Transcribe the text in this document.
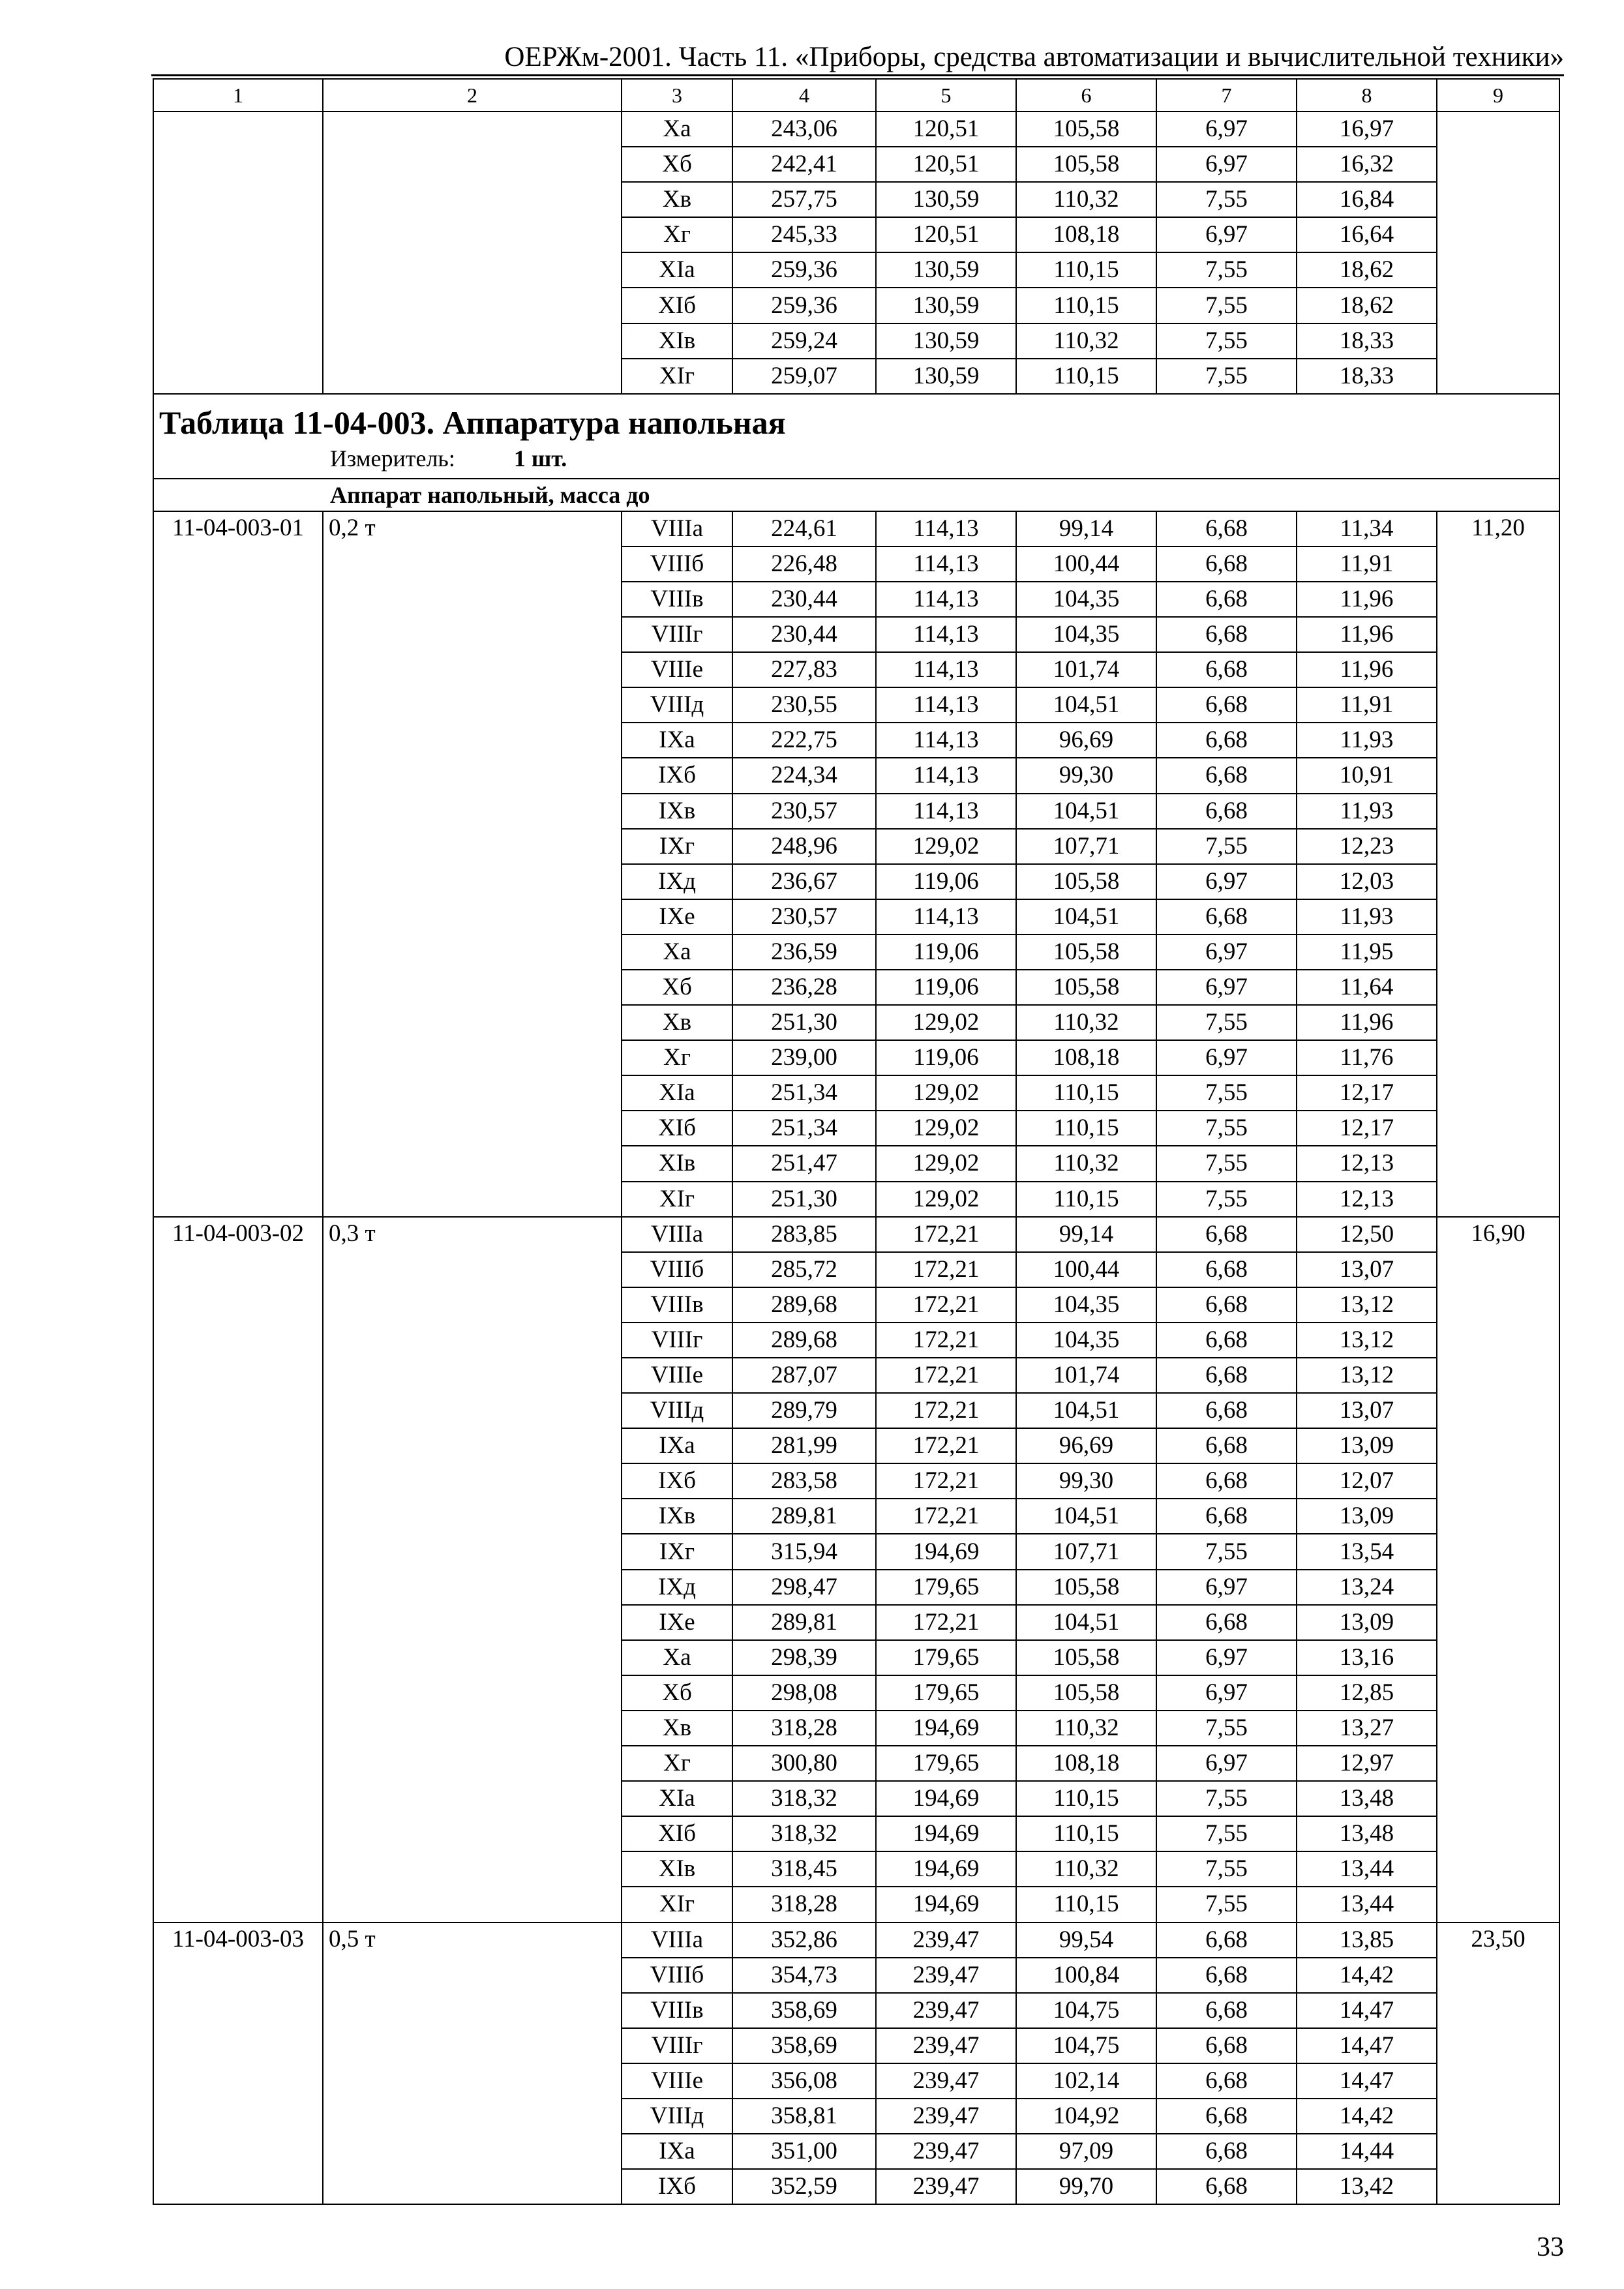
ОЕРЖм-2001. Часть 11. «Приборы, средства автоматизации и вычислительной техники»
1	2	3	4	5	6	7	8	9
		Ха	243,06	120,51	105,58	6,97	16,97	
		Хб	242,41	120,51	105,58	6,97	16,32	
		Хв	257,75	130,59	110,32	7,55	16,84	
		Хг	245,33	120,51	108,18	6,97	16,64	
		ХIа	259,36	130,59	110,15	7,55	18,62	
		ХIб	259,36	130,59	110,15	7,55	18,62	
		ХIв	259,24	130,59	110,32	7,55	18,33	
		ХIг	259,07	130,59	110,15	7,55	18,33	

Таблица 11-04-003. Аппаратура напольная
Измеритель: 1 шт.								

Аппарат напольный, масса до								
11-04-003-01	0,2 т	VIIIа	224,61	114,13	99,14	6,68	11,34	11,20
		VIIIб	226,48	114,13	100,44	6,68	11,91	
		VIIIв	230,44	114,13	104,35	6,68	11,96	
		VIIIг	230,44	114,13	104,35	6,68	11,96	
		VIIIе	227,83	114,13	101,74	6,68	11,96	
		VIIIд	230,55	114,13	104,51	6,68	11,91	
		IХа	222,75	114,13	96,69	6,68	11,93	
		IХб	224,34	114,13	99,30	6,68	10,91	
		IХв	230,57	114,13	104,51	6,68	11,93	
		IХг	248,96	129,02	107,71	7,55	12,23	
		IХд	236,67	119,06	105,58	6,97	12,03	
		IХе	230,57	114,13	104,51	6,68	11,93	
		Ха	236,59	119,06	105,58	6,97	11,95	
		Хб	236,28	119,06	105,58	6,97	11,64	
		Хв	251,30	129,02	110,32	7,55	11,96	
		Хг	239,00	119,06	108,18	6,97	11,76	
		ХIа	251,34	129,02	110,15	7,55	12,17	
		ХIб	251,34	129,02	110,15	7,55	12,17	
		ХIв	251,47	129,02	110,32	7,55	12,13	
		ХIг	251,30	129,02	110,15	7,55	12,13	
11-04-003-02	0,3 т	VIIIа	283,85	172,21	99,14	6,68	12,50	16,90
		VIIIб	285,72	172,21	100,44	6,68	13,07	
		VIIIв	289,68	172,21	104,35	6,68	13,12	
		VIIIг	289,68	172,21	104,35	6,68	13,12	
		VIIIе	287,07	172,21	101,74	6,68	13,12	
		VIIIд	289,79	172,21	104,51	6,68	13,07	
		IХа	281,99	172,21	96,69	6,68	13,09	
		IХб	283,58	172,21	99,30	6,68	12,07	
		IХв	289,81	172,21	104,51	6,68	13,09	
		IХг	315,94	194,69	107,71	7,55	13,54	
		IХд	298,47	179,65	105,58	6,97	13,24	
		IХе	289,81	172,21	104,51	6,68	13,09	
		Ха	298,39	179,65	105,58	6,97	13,16	
		Хб	298,08	179,65	105,58	6,97	12,85	
		Хв	318,28	194,69	110,32	7,55	13,27	
		Хг	300,80	179,65	108,18	6,97	12,97	
		ХIа	318,32	194,69	110,15	7,55	13,48	
		ХIб	318,32	194,69	110,15	7,55	13,48	
		ХIв	318,45	194,69	110,32	7,55	13,44	
		ХIг	318,28	194,69	110,15	7,55	13,44	
11-04-003-03	0,5 т	VIIIа	352,86	239,47	99,54	6,68	13,85	23,50
		VIIIб	354,73	239,47	100,84	6,68	14,42	
		VIIIв	358,69	239,47	104,75	6,68	14,47	
		VIIIг	358,69	239,47	104,75	6,68	14,47	
		VIIIе	356,08	239,47	102,14	6,68	14,47	
		VIIIд	358,81	239,47	104,92	6,68	14,42	
		IХа	351,00	239,47	97,09	6,68	14,44	
		IХб	352,59	239,47	99,70	6,68	13,42	
33
